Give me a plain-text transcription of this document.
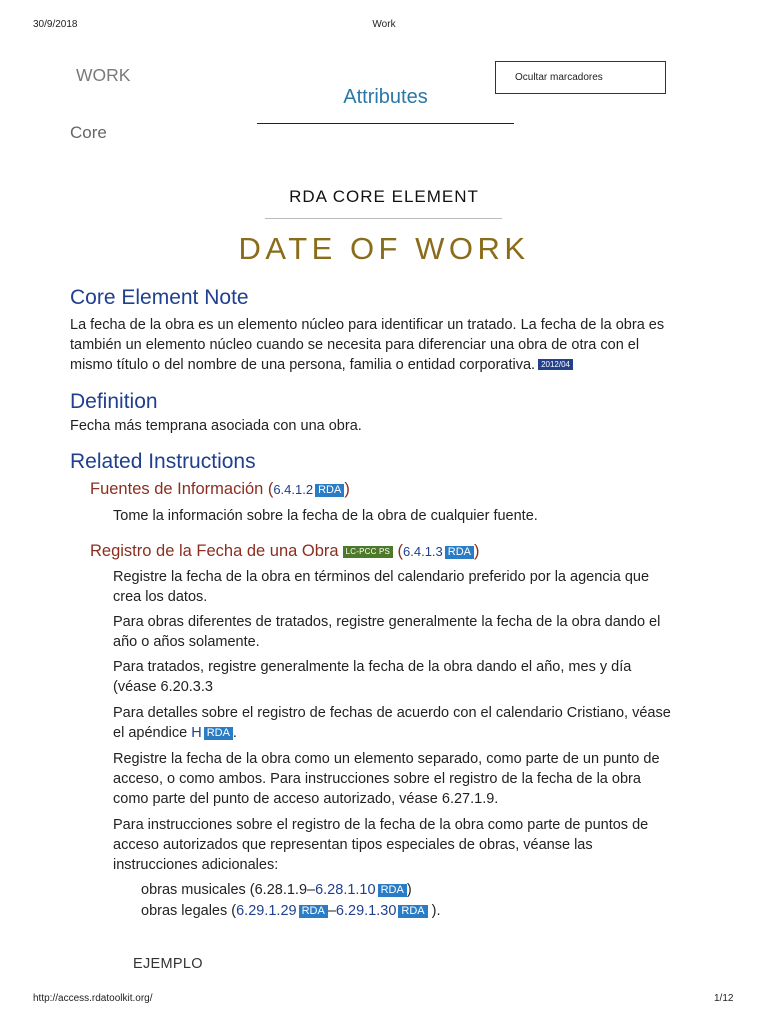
30/9/2018	Work
WORK
Attributes
Core
Ocultar marcadores
RDA CORE ELEMENT
DATE OF WORK
Core Element Note
La fecha de la obra es un elemento núcleo para identificar un tratado. La fecha de la obra es
también un elemento núcleo cuando se necesita para diferenciar una obra de otra con el
mismo título o del nombre de una persona, familia o entidad corporativa. 2012/04
Definition
Fecha más temprana asociada con una obra.
Related Instructions
Fuentes de Información (6.4.1.2 RDA )
Tome la información sobre la fecha de la obra de cualquier fuente.
Registro de la Fecha de una Obra LC-PCC PS (6.4.1.3 RDA )
Registre la fecha de la obra en términos del calendario preferido por la agencia que
crea los datos.
Para obras diferentes de tratados, registre generalmente la fecha de la obra dando el
año o años solamente.
Para tratados, registre generalmente la fecha de la obra dando el año, mes y día
(véase 6.20.3.3
Para detalles sobre el registro de fechas de acuerdo con el calendario Cristiano, véase
el apéndice H RDA .
Registre la fecha de la obra como un elemento separado, como parte de un punto de
acceso, o como ambos. Para instrucciones sobre el registro de la fecha de la obra
como parte del punto de acceso autorizado, véase 6.27.1.9.
Para instrucciones sobre el registro de la fecha de la obra como parte de puntos de
acceso autorizados que representan tipos especiales de obras, véanse las
instrucciones adicionales:
obras musicales (6.28.1.9–6.28.1.10 RDA )
obras legales (6.29.1.29 RDA –6.29.1.30 RDA ).
EJEMPLO
http://access.rdatoolkit.org/	1/12
